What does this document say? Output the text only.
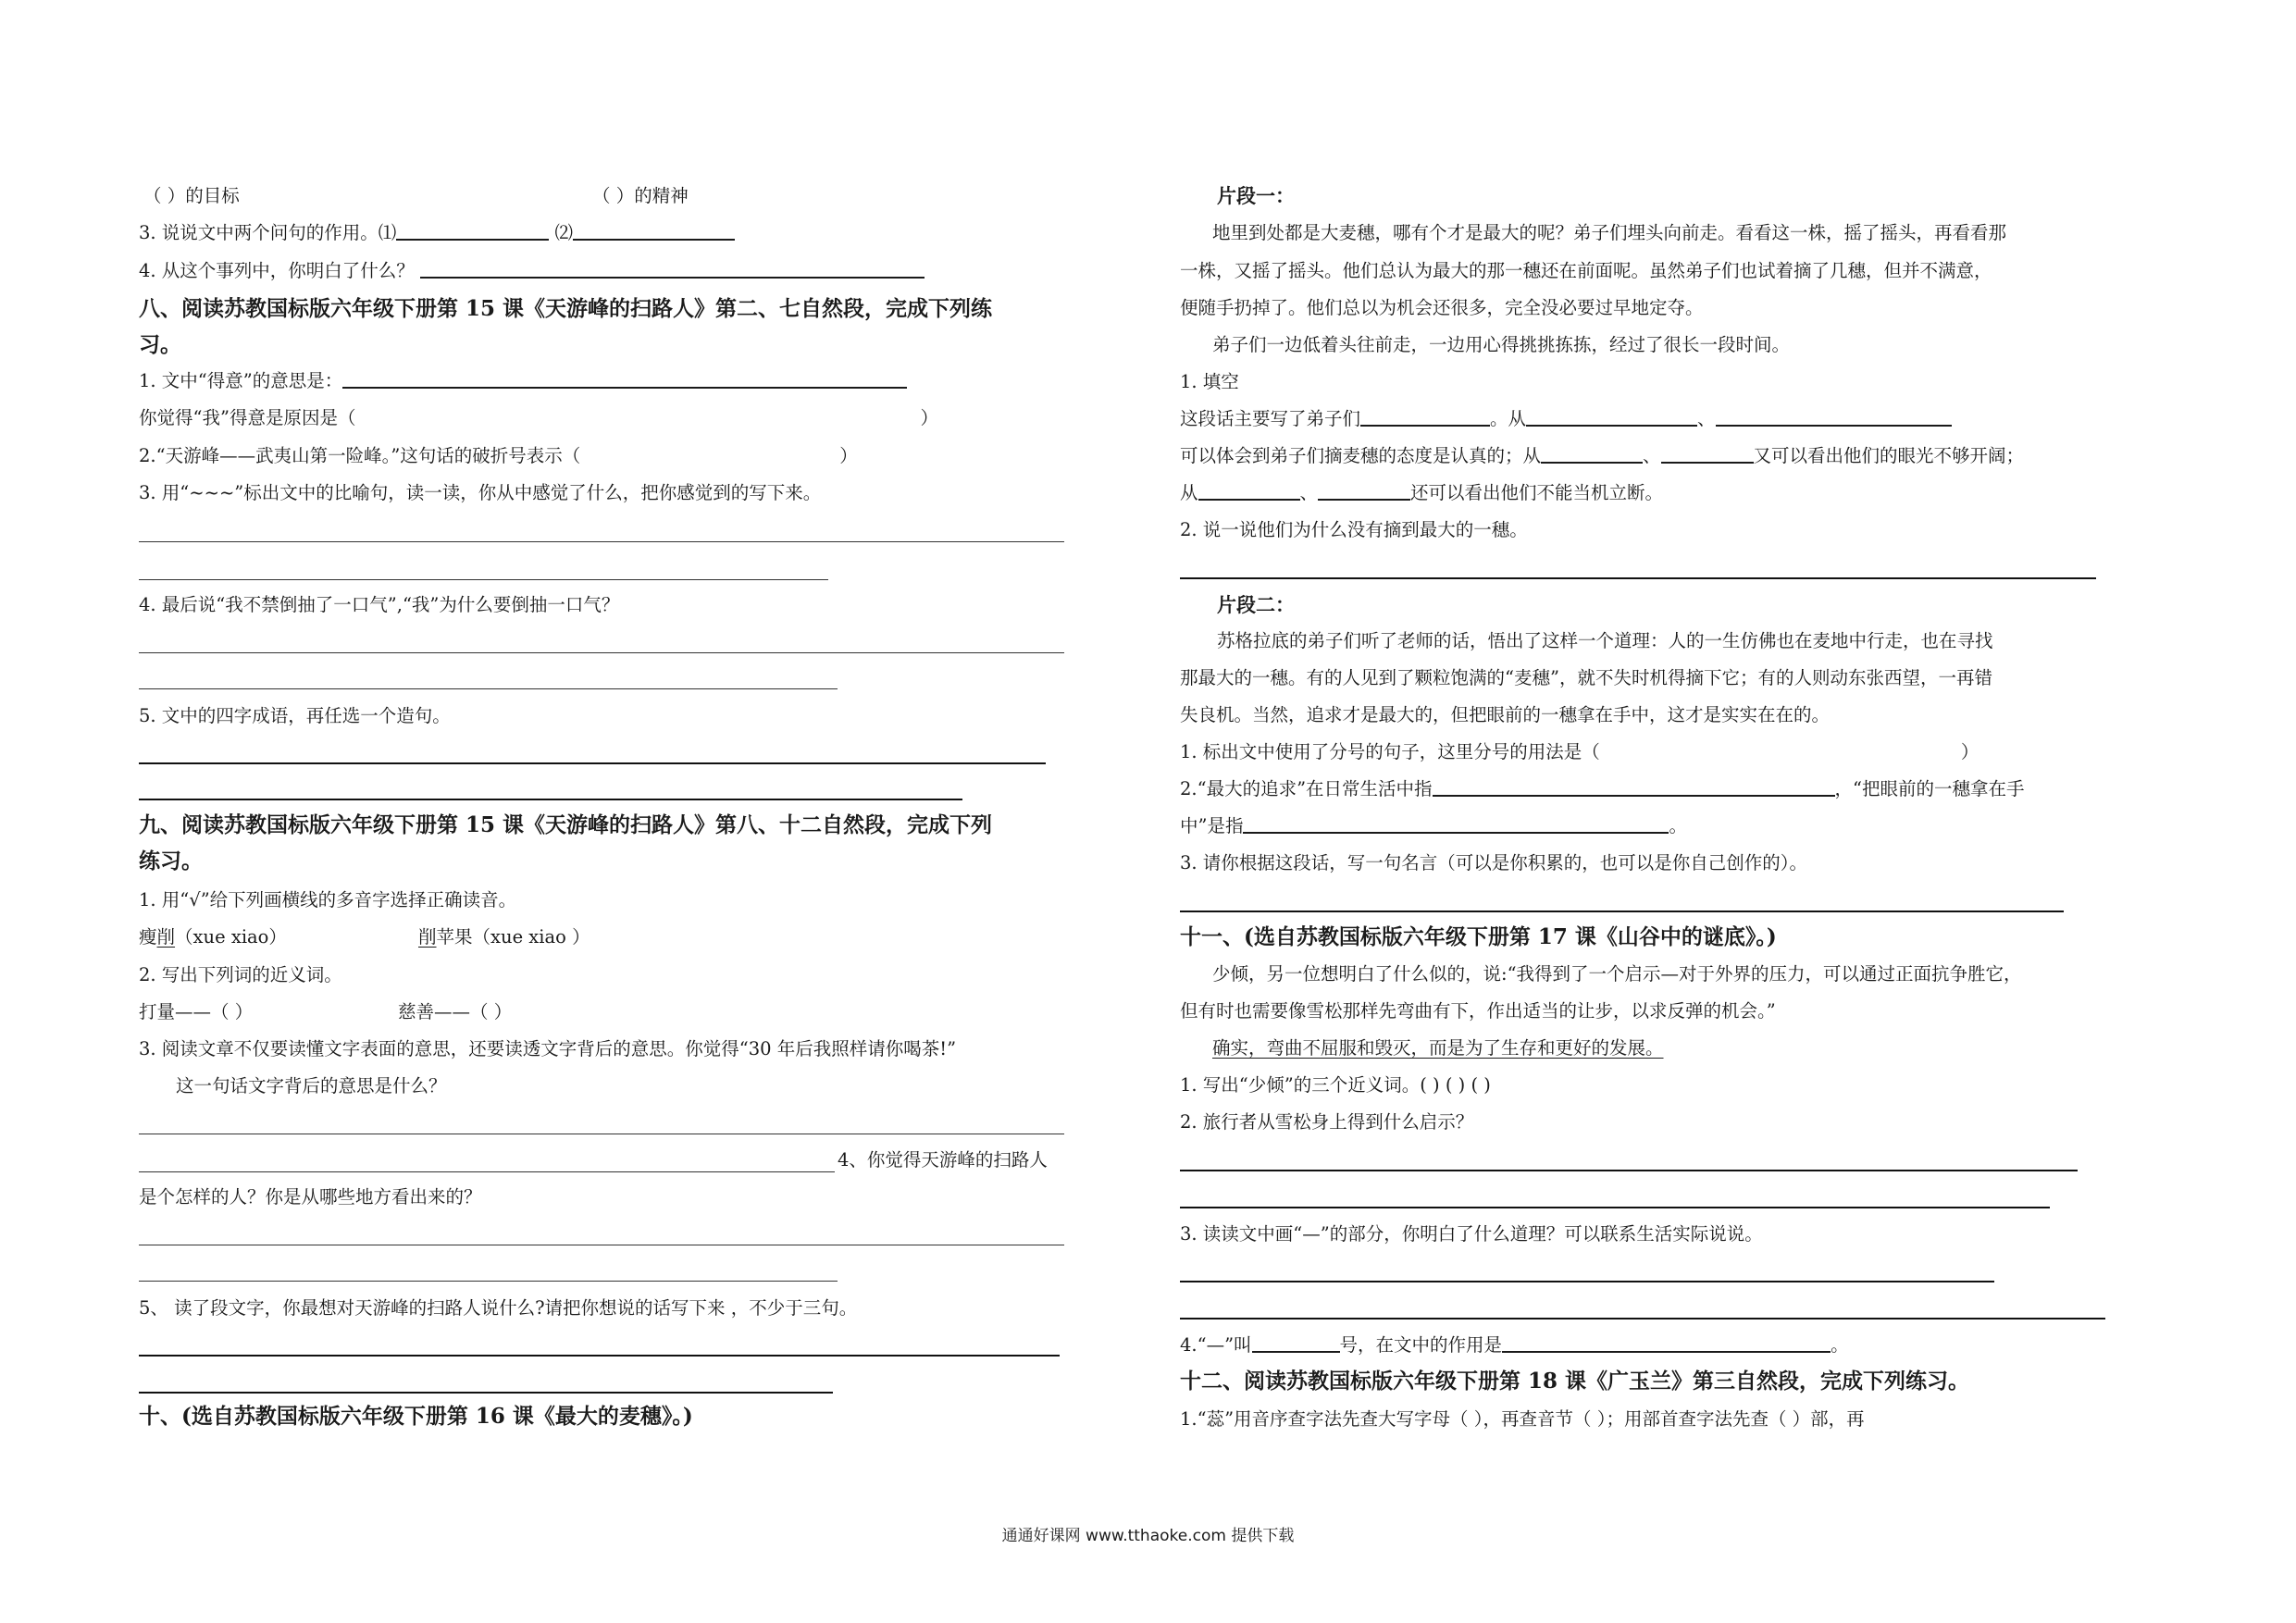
（ ）的目标	（ ）的精神

3. 说说文中两个问句的作用。⑴	⑵

4. 从这个事列中，你明白了什么？

八、阅读苏教国标版六年级下册第 15 课《天游峰的扫路人》第二、七自然段，完成下列练

习。

1. 文中“得意”的意思是：

你觉得“我”得意是原因是（	）

2.“天游峰——武夷山第一险峰。”这句话的破折号表示（	）

3. 用“~~~”标出文中的比喻句，读一读，你从中感觉了什么，把你感觉到的写下来。

4. 最后说“我不禁倒抽了一口气”,“我”为什么要倒抽一口气？

5. 文中的四字成语，再任选一个造句。

九、阅读苏教国标版六年级下册第 15 课《天游峰的扫路人》第八、十二自然段，完成下列

练习。

1. 用“√”给下列画横线的多音字选择正确读音。

瘦削（xue xiao）	削苹果（xue xiao ）

2. 写出下列词的近义词。

打量——（ ）	慈善——（ ）

3. 阅读文章不仅要读懂文字表面的意思，还要读透文字背后的意思。你觉得“30 年后我照样请你喝茶!”

这一句话文字背后的意思是什么？

4、你觉得天游峰的扫路人

是个怎样的人？你是从哪些地方看出来的？

5、 读了段文字，你最想对天游峰的扫路人说什么?请把你想说的话写下来 ，不少于三句。

十、(选自苏教国标版六年级下册第 16 课《最大的麦穗》。)

片段一：

地里到处都是大麦穗，哪有个才是最大的呢？弟子们埋头向前走。看看这一株，摇了摇头，再看看那

一株，又摇了摇头。他们总认为最大的那一穗还在前面呢。虽然弟子们也试着摘了几穗，但并不满意，

便随手扔掉了。他们总以为机会还很多，完全没必要过早地定夺。

弟子们一边低着头往前走，一边用心得挑挑拣拣，经过了很长一段时间。

1. 填空

这段话主要写了弟子们	。从	、

可以体会到弟子们摘麦穗的态度是认真的；从	、	又可以看出他们的眼光不够开阔；

从	、	还可以看出他们不能当机立断。

2. 说一说他们为什么没有摘到最大的一穗。

片段二：

苏格拉底的弟子们听了老师的话，悟出了这样一个道理：人的一生仿佛也在麦地中行走，也在寻找

那最大的一穗。有的人见到了颗粒饱满的“麦穗”，就不失时机得摘下它；有的人则动东张西望，一再错

失良机。当然，追求才是最大的，但把眼前的一穗拿在手中，这才是实实在在的。

1. 标出文中使用了分号的句子，这里分号的用法是（	）

2.“最大的追求”在日常生活中指	，“把眼前的一穗拿在手

中”是指	。

3. 请你根据这段话，写一句名言（可以是你积累的，也可以是你自己创作的）。

十一、(选自苏教国标版六年级下册第 17 课《山谷中的谜底》。)

少倾，另一位想明白了什么似的，说:“我得到了一个启示—对于外界的压力，可以通过正面抗争胜它，

但有时也需要像雪松那样先弯曲有下，作出适当的让步，以求反弹的机会。”

确实，弯曲不屈服和毁灭，而是为了生存和更好的发展。

1. 写出“少倾”的三个近义词。( ) ( ) ( )

2. 旅行者从雪松身上得到什么启示？

3. 读读文中画“—”的部分，你明白了什么道理？可以联系生活实际说说。

4.“—”叫	号，在文中的作用是	。

十二、阅读苏教国标版六年级下册第 18 课《广玉兰》第三自然段，完成下列练习。

1.“蕊”用音序查字法先查大写字母（ ），再查音节（ ）；用部首查字法先查（ ）部，再

通通好课网 www.tthaoke.com 提供下载
